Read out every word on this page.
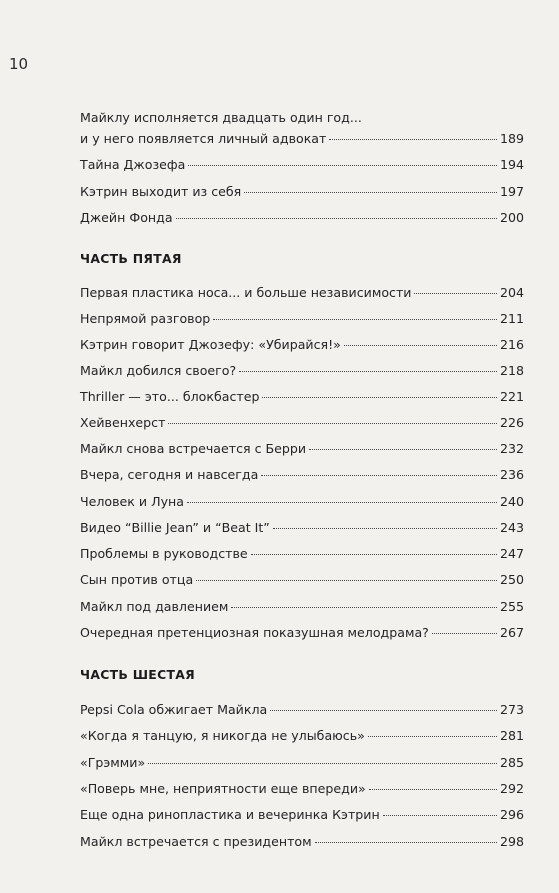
10
Майклу исполняется двадцать один год...
и у него появляется личный адвокат	189
Тайна Джозефа	194
Кэтрин выходит из себя	197
Джейн Фонда	200
ЧАСТЬ ПЯТАЯ
Первая пластика носа... и больше независимости	204
Непрямой разговор	211
Кэтрин говорит Джозефу: «Убирайся!»	216
Майкл добился своего?	218
Thriller — это... блокбастер	221
Хейвенхерст	226
Майкл снова встречается с Берри	232
Вчера, сегодня и навсегда	236
Человек и Луна	240
Видео “Billie Jean” и “Beat It”	243
Проблемы в руководстве	247
Сын против отца	250
Майкл под давлением	255
Очередная претенциозная показушная мелодрама?	267
ЧАСТЬ ШЕСТАЯ
Pepsi Cola обжигает Майкла	273
«Когда я танцую, я никогда не улыбаюсь»	281
«Грэмми»	285
«Поверь мне, неприятности еще впереди»	292
Еще одна ринопластика и вечеринка Кэтрин	296
Майкл встречается с президентом	298
